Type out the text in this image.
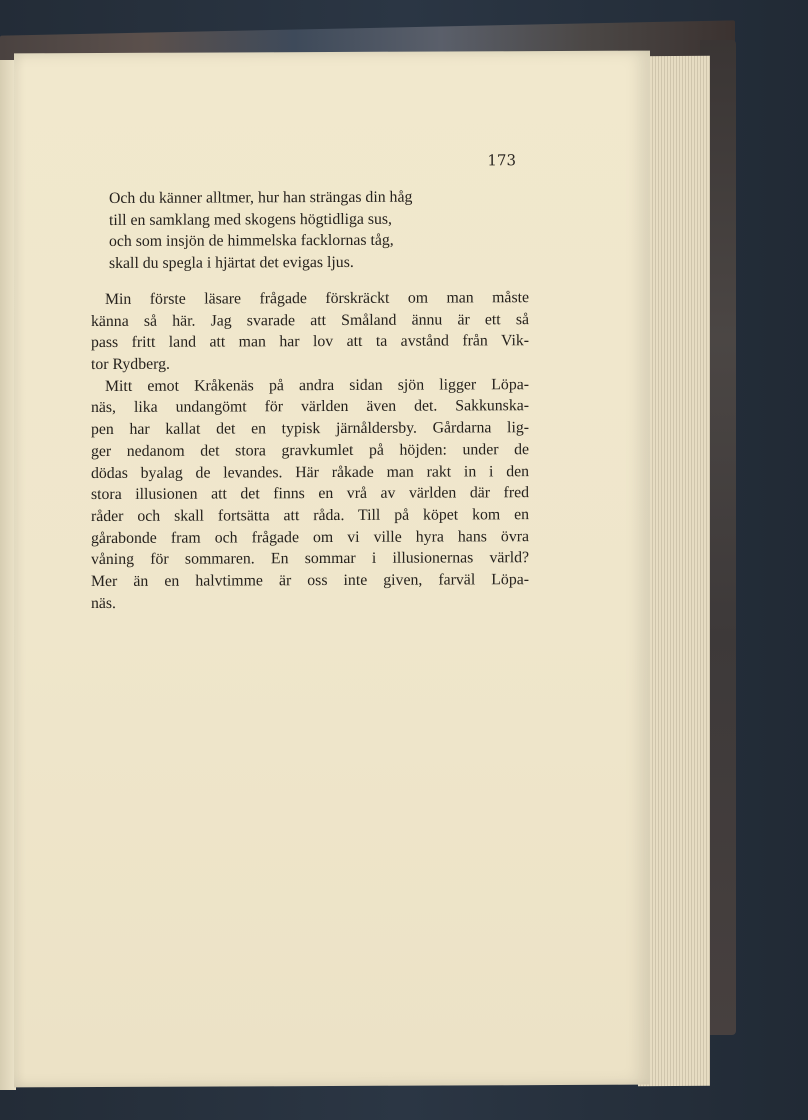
173
Och du känner alltmer, hur han strängas din håg
till en samklang med skogens högtidliga sus,
och som insjön de himmelska facklornas tåg,
skall du spegla i hjärtat det evigas ljus.
Min förste läsare frågade förskräckt om man måste
känna så här. Jag svarade att Småland ännu är ett så
pass fritt land att man har lov att ta avstånd från Vik-
tor Rydberg.
Mitt emot Kråkenäs på andra sidan sjön ligger Löpa-
näs, lika undangömt för världen även det. Sakkunska-
pen har kallat det en typisk järnåldersby. Gårdarna lig-
ger nedanom det stora gravkumlet på höjden: under de
dödas byalag de levandes. Här råkade man rakt in i den
stora illusionen att det finns en vrå av världen där fred
råder och skall fortsätta att råda. Till på köpet kom en
gårabonde fram och frågade om vi ville hyra hans övra
våning för sommaren. En sommar i illusionernas värld?
Mer än en halvtimme är oss inte given, farväl Löpa-
näs.
